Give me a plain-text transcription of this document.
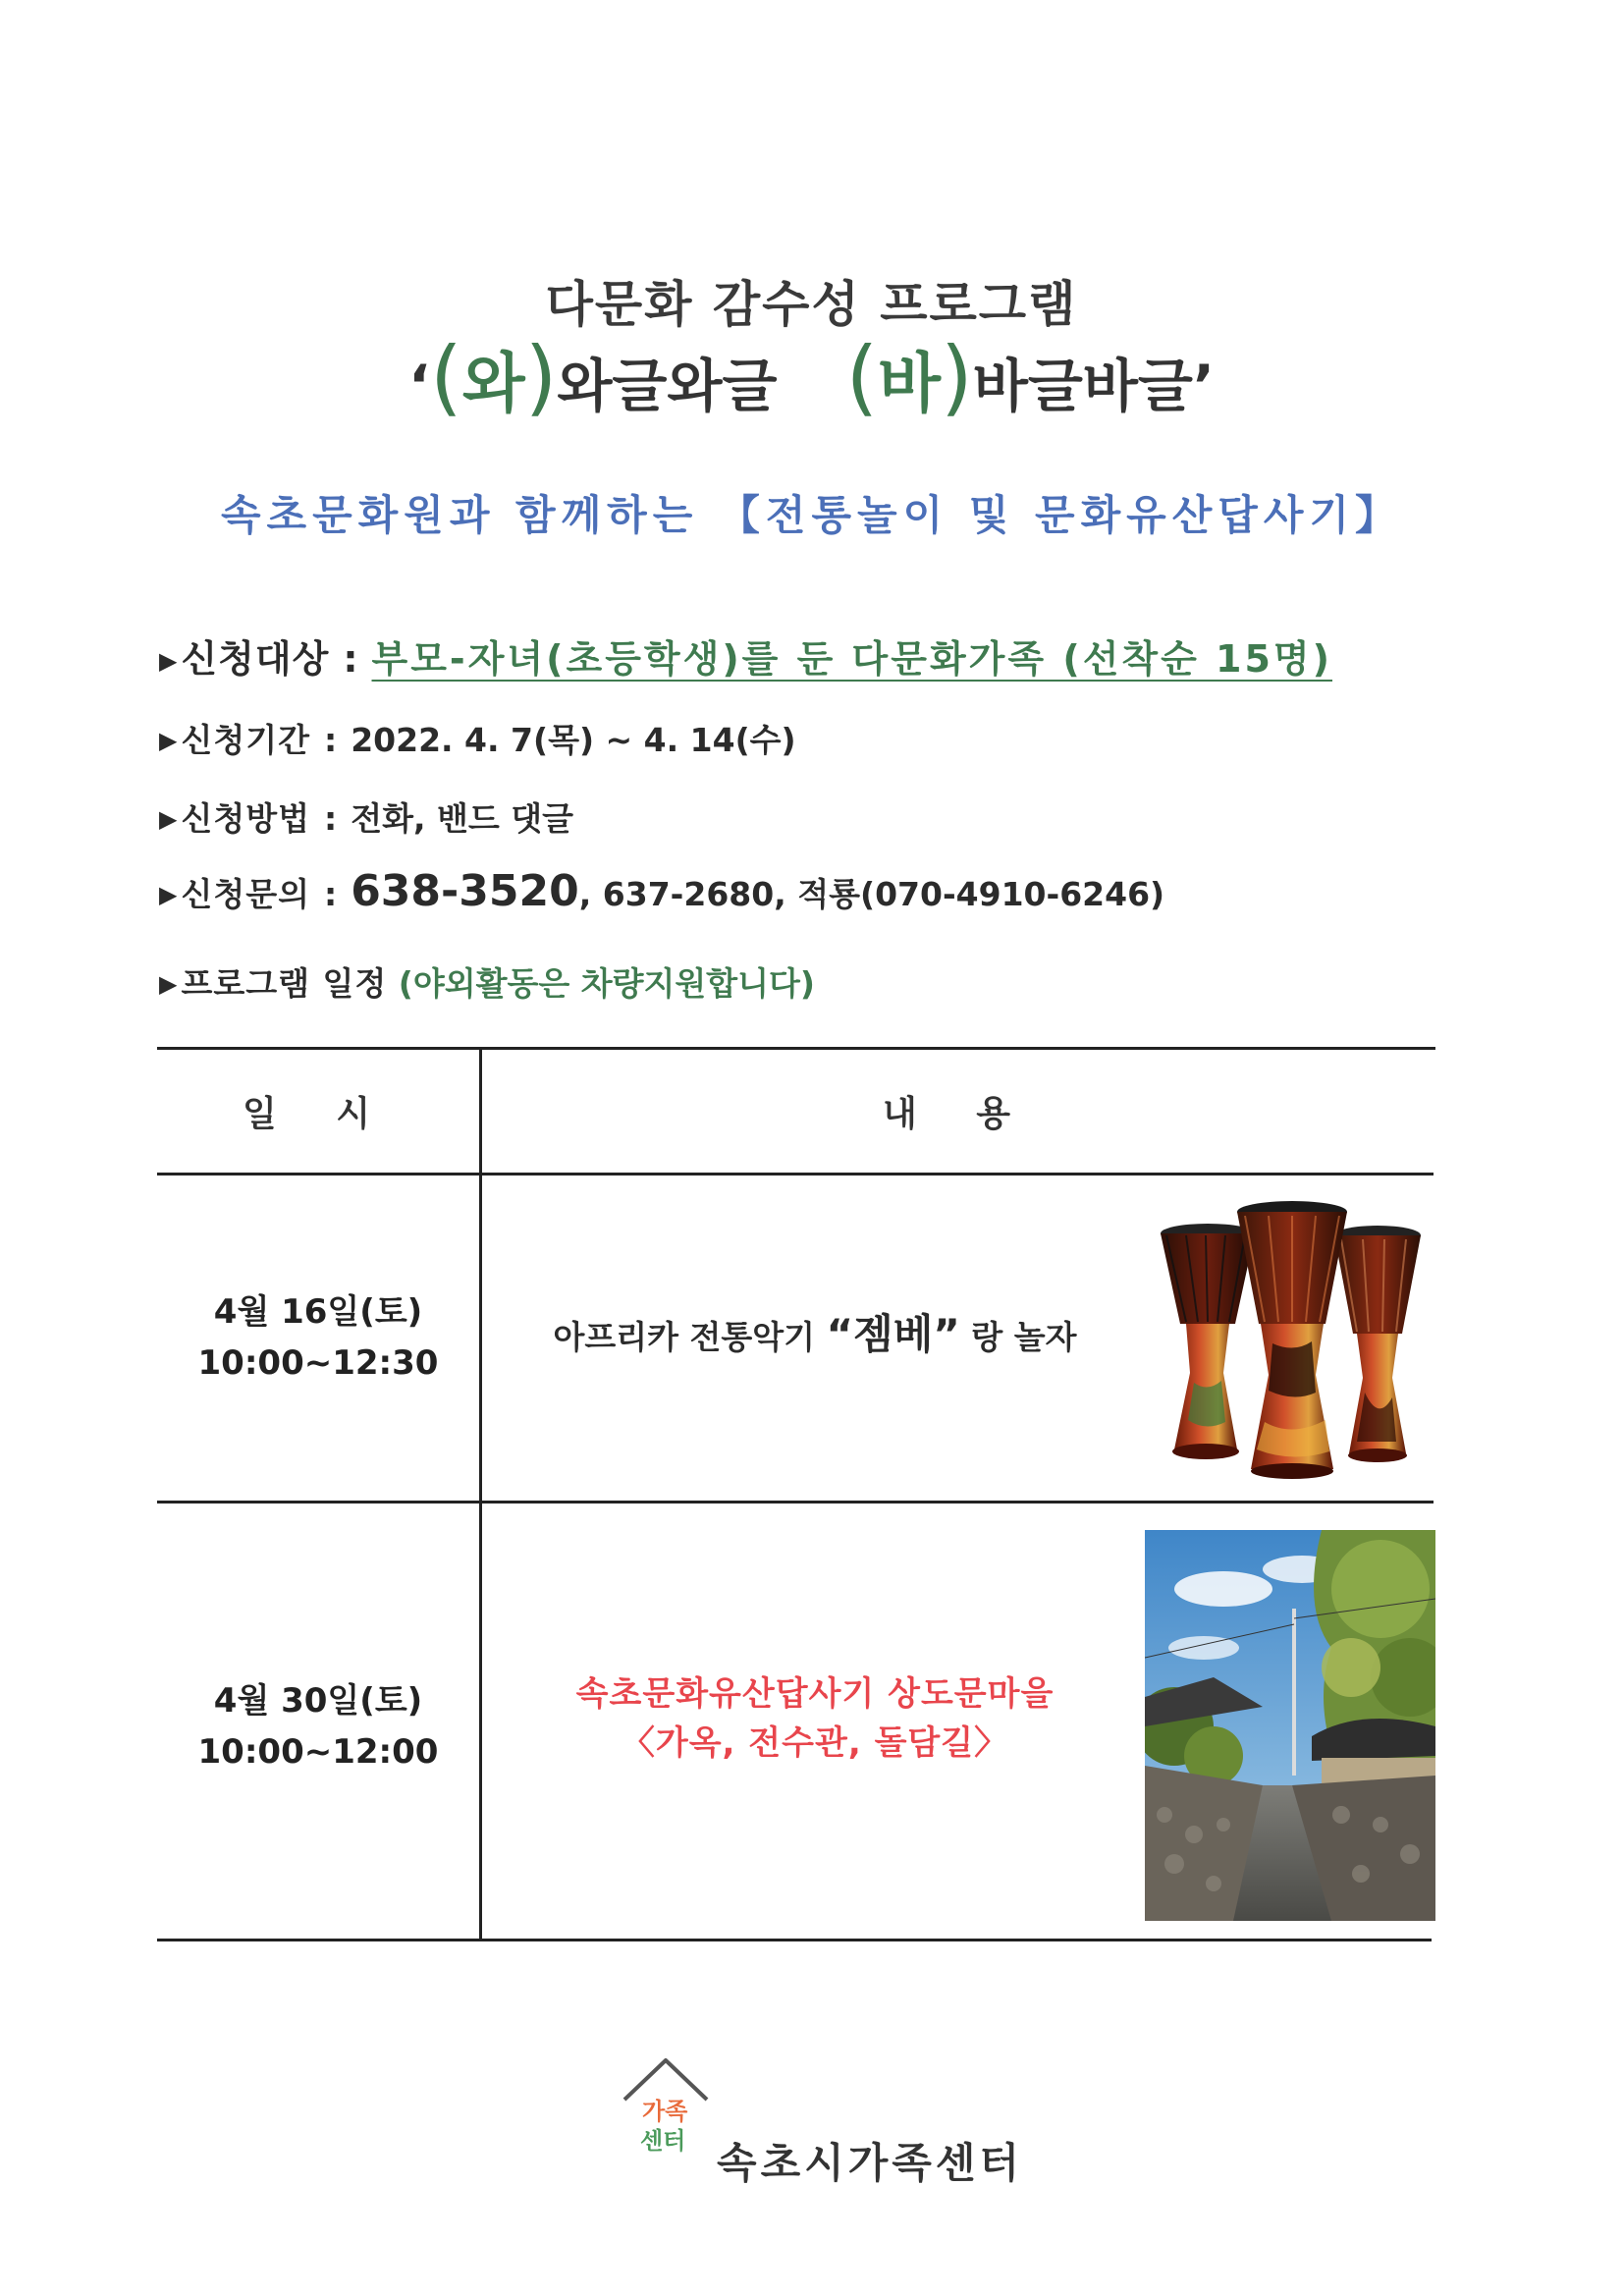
다문화 감수성 프로그램
‘(와)와글와글 (바)바글바글’
속초문화원과 함께하는 【전통놀이 및 문화유산답사기】
▶ 신청대상 : 부모-자녀(초등학생)를 둔 다문화가족 (선착순 15명)
▶ 신청기간 : 2022. 4. 7(목) ~ 4. 14(수)
▶ 신청방법 : 전화, 밴드 댓글
▶ 신청문의 : 638-3520, 637-2680, 적룡(070-4910-6246)
▶ 프로그램 일정 (야외활동은 차량지원합니다)
일 시	내 용
4월 16일(토)
10:00~12:30
아프리카 전통악기 “젬베” 랑 놀자
4월 30일(토)
10:00~12:00
속초문화유산답사기 상도문마을
〈가옥, 전수관, 돌담길〉
가족
센터 속초시가족센터
